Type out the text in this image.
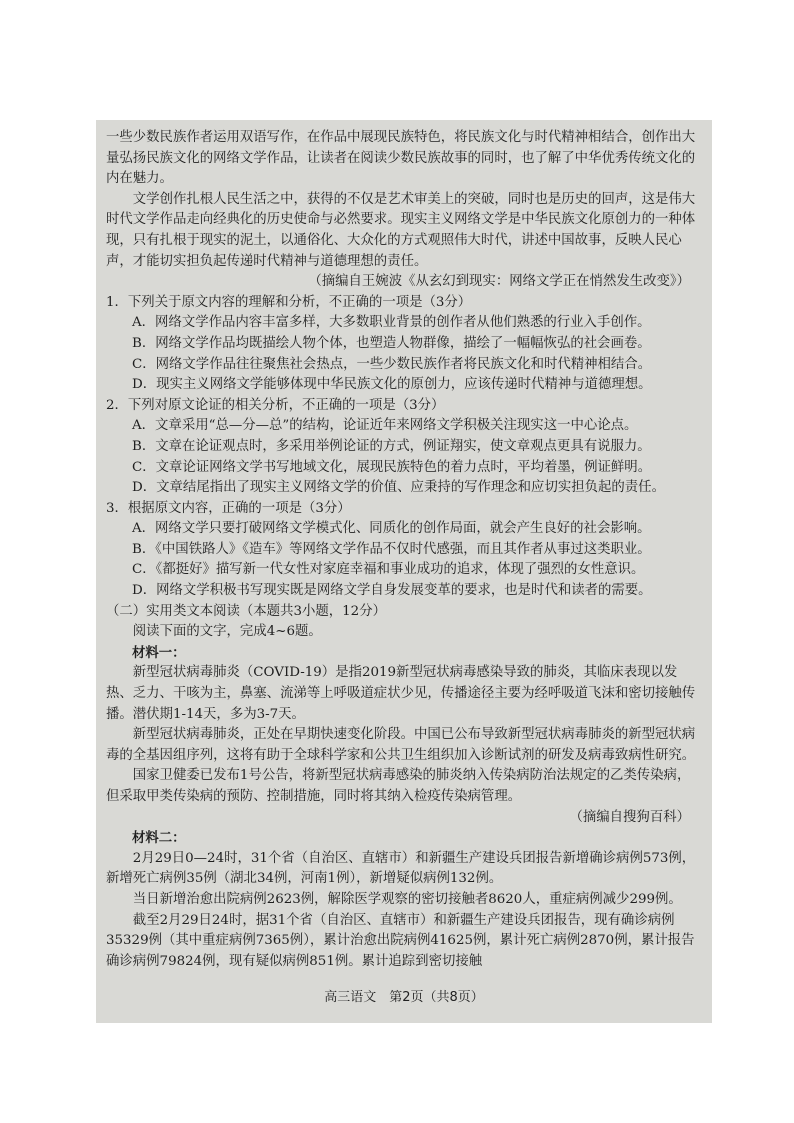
一些少数民族作者运用双语写作，在作品中展现民族特色，将民族文化与时代精神相结合，创作出大量弘扬民族文化的网络文学作品，让读者在阅读少数民族故事的同时，也了解了中华优秀传统文化的内在魅力。

文学创作扎根人民生活之中，获得的不仅是艺术审美上的突破，同时也是历史的回声，这是伟大时代文学作品走向经典化的历史使命与必然要求。现实主义网络文学是中华民族文化原创力的一种体现，只有扎根于现实的泥土，以通俗化、大众化的方式观照伟大时代，讲述中国故事，反映人民心声，才能切实担负起传递时代精神与道德理想的责任。

（摘编自王婉波《从玄幻到现实：网络文学正在悄然发生改变》）

1．下列关于原文内容的理解和分析，不正确的一项是（3分）

A．网络文学作品内容丰富多样，大多数职业背景的创作者从他们熟悉的行业入手创作。

B．网络文学作品均既描绘人物个体，也塑造人物群像，描绘了一幅幅恢弘的社会画卷。

C．网络文学作品往往聚焦社会热点，一些少数民族作者将民族文化和时代精神相结合。

D．现实主义网络文学能够体现中华民族文化的原创力，应该传递时代精神与道德理想。

2．下列对原文论证的相关分析，不正确的一项是（3分）

A．文章采用“总—分—总”的结构，论证近年来网络文学积极关注现实这一中心论点。

B．文章在论证观点时，多采用举例论证的方式，例证翔实，使文章观点更具有说服力。

C．文章论证网络文学书写地域文化，展现民族特色的着力点时，平均着墨，例证鲜明。

D．文章结尾指出了现实主义网络文学的价值、应秉持的写作理念和应切实担负起的责任。

3．根据原文内容，正确的一项是（3分）

A．网络文学只要打破网络文学模式化、同质化的创作局面，就会产生良好的社会影响。

B．《中国铁路人》《造车》等网络文学作品不仅时代感强，而且其作者从事过这类职业。

C．《都挺好》描写新一代女性对家庭幸福和事业成功的追求，体现了强烈的女性意识。

D．网络文学积极书写现实既是网络文学自身发展变革的要求，也是时代和读者的需要。

（二）实用类文本阅读（本题共3小题，12分）

阅读下面的文字，完成4~6题。

材料一：

新型冠状病毒肺炎（COVID-19）是指2019新型冠状病毒感染导致的肺炎，其临床表现以发热、乏力、干咳为主，鼻塞、流涕等上呼吸道症状少见，传播途径主要为经呼吸道飞沫和密切接触传播。潜伏期1-14天，多为3-7天。

新型冠状病毒肺炎，正处在早期快速变化阶段。中国已公布导致新型冠状病毒肺炎的新型冠状病毒的全基因组序列，这将有助于全球科学家和公共卫生组织加入诊断试剂的研发及病毒致病性研究。

国家卫健委已发布1号公告，将新型冠状病毒感染的肺炎纳入传染病防治法规定的乙类传染病，但采取甲类传染病的预防、控制措施，同时将其纳入检疫传染病管理。

（摘编自搜狗百科）

材料二：

2月29日0—24时，31个省（自治区、直辖市）和新疆生产建设兵团报告新增确诊病例573例，新增死亡病例35例（湖北34例，河南1例），新增疑似病例132例。

当日新增治愈出院病例2623例，解除医学观察的密切接触者8620人，重症病例减少299例。

截至2月29日24时，据31个省（自治区、直辖市）和新疆生产建设兵团报告，现有确诊病例35329例（其中重症病例7365例），累计治愈出院病例41625例，累计死亡病例2870例，累计报告确诊病例79824例，现有疑似病例851例。累计追踪到密切接触

高三语文　第2页（共8页）
